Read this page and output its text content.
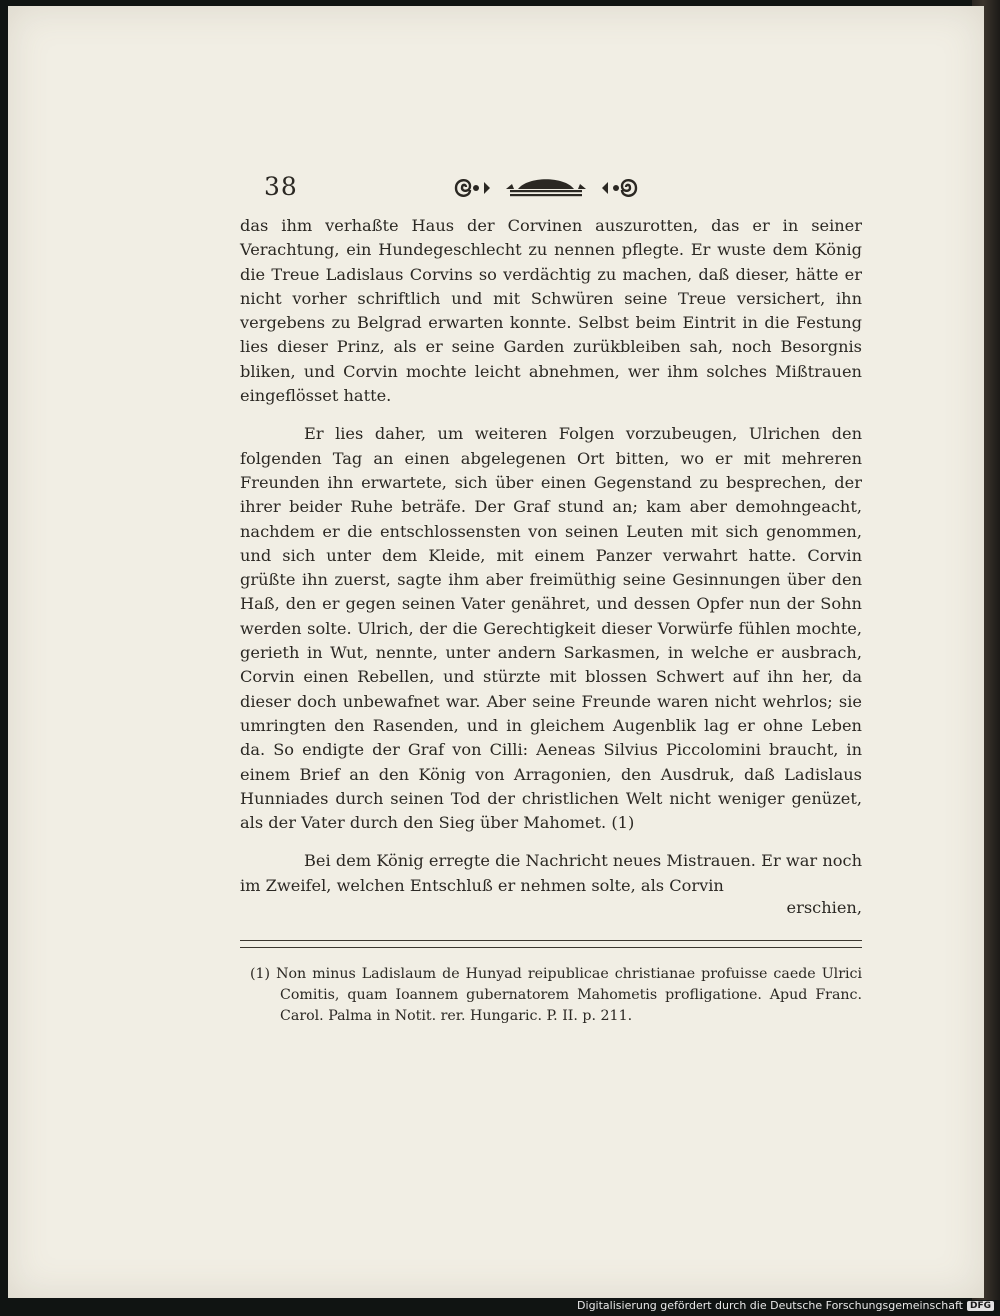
38

das ihm verhaßte Haus der Corvinen auszurotten, das er in seiner Verachtung, ein Hundegeschlecht zu nennen pflegte. Er wuste dem König die Treue Ladislaus Corvins so verdächtig zu machen, daß dieser, hätte er nicht vorher schriftlich und mit Schwüren seine Treue versichert, ihn vergebens zu Belgrad erwarten konnte. Selbst beim Eintrit in die Festung lies dieser Prinz, als er seine Garden zurükbleiben sah, noch Besorgnis bliken, und Corvin mochte leicht abnehmen, wer ihm solches Mißtrauen eingeflösset hatte.

Er lies daher, um weiteren Folgen vorzubeugen, Ulrichen den folgenden Tag an einen abgelegenen Ort bitten, wo er mit mehreren Freunden ihn erwartete, sich über einen Gegenstand zu besprechen, der ihrer beider Ruhe beträfe. Der Graf stund an; kam aber demohngeacht, nachdem er die entschlossensten von seinen Leuten mit sich genommen, und sich unter dem Kleide, mit einem Panzer verwahrt hatte. Corvin grüßte ihn zuerst, sagte ihm aber freimüthig seine Gesinnungen über den Haß, den er gegen seinen Vater genähret, und dessen Opfer nun der Sohn werden solte. Ulrich, der die Gerechtigkeit dieser Vorwürfe fühlen mochte, gerieth in Wut, nennte, unter andern Sarkasmen, in welche er ausbrach, Corvin einen Rebellen, und stürzte mit blossen Schwert auf ihn her, da dieser doch unbewafnet war. Aber seine Freunde waren nicht wehrlos; sie umringten den Rasenden, und in gleichem Augenblik lag er ohne Leben da. So endigte der Graf von Cilli: Aeneas Silvius Piccolomini braucht, in einem Brief an den König von Arragonien, den Ausdruk, daß Ladislaus Hunniades durch seinen Tod der christlichen Welt nicht weniger genüzet, als der Vater durch den Sieg über Mahomet. (1)

Bei dem König erregte die Nachricht neues Mistrauen. Er war noch im Zweifel, welchen Entschluß er nehmen solte, als Corvin

erschien,
(1) Non minus Ladislaum de Hunyad reipublicae christianae profuisse caede Ulrici Comitis, quam Ioannem gubernatorem Mahometis profligatione. Apud Franc. Carol. Palma in Notit. rer. Hungaric. P. II. p. 211.
Digitalisierung gefördert durch die Deutsche Forschungsgemeinschaft DFG
